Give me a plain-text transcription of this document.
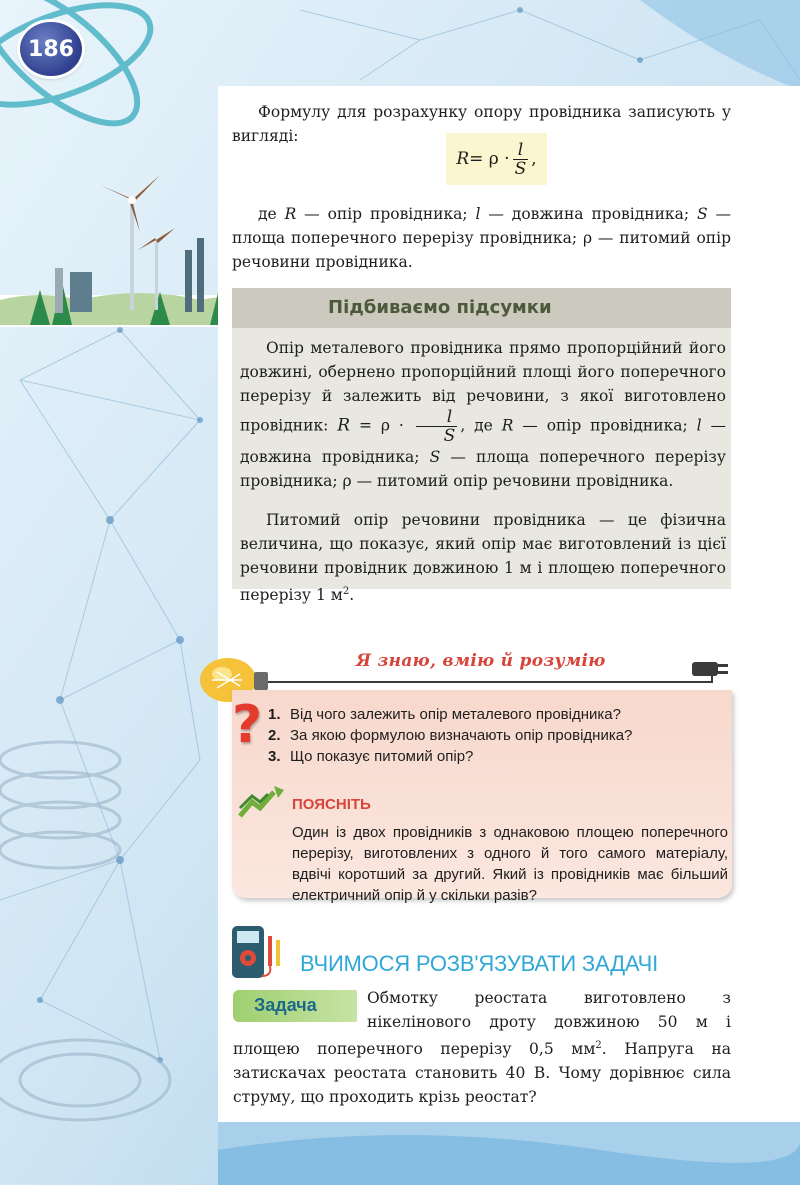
186
Формулу для розрахунку опору провідника записують у вигляді:
$R = \rho \cdot \frac{l}{S}$ ,
де R — опір провідника; l — довжина провідника; S — площа поперечного перерізу провідника; ρ — питомий опір речовини провідника.
Підбиваємо підсумки
Опір металевого провідника прямо пропорційний його довжині, обернено пропорційний площі його поперечного перерізу й залежить від речовини, з якої виготовлено провідник: $R = \rho \cdot \frac{l}{S}$ , де R — опір провідника; l — довжина провідника; S — площа поперечного перерізу провідника; ρ — питомий опір речовини провідника.
Питомий опір речовини провідника — це фізична величина, що показує, який опір має виготовлений із цієї речовини провідник довжиною 1 м і площею поперечного перерізу 1 $м^2$.
Я знаю, вмію й розумію
? 1. Від чого залежить опір металевого провідника?
2. За якою формулою визначають опір провідника?
3. Що показує питомий опір?
ПОЯСНІТЬ
Один із двох провідників з однаковою площею поперечного перерізу, виготовлених з одного й того самого матеріалу, вдвічі коротший за другий. Який із провідників має більший електричний опір й у скільки разів?
ВЧИМОСЯ РОЗВ'ЯЗУВАТИ ЗАДАЧІ
Задача	Обмотку реостата виготовлено з нікелінового дроту довжиною 50 м і площею поперечного перерізу 0,5 $мм^2$. Напруга на затискачах реостата становить 40 В. Чому дорівнює сила струму, що проходить крізь реостат?
